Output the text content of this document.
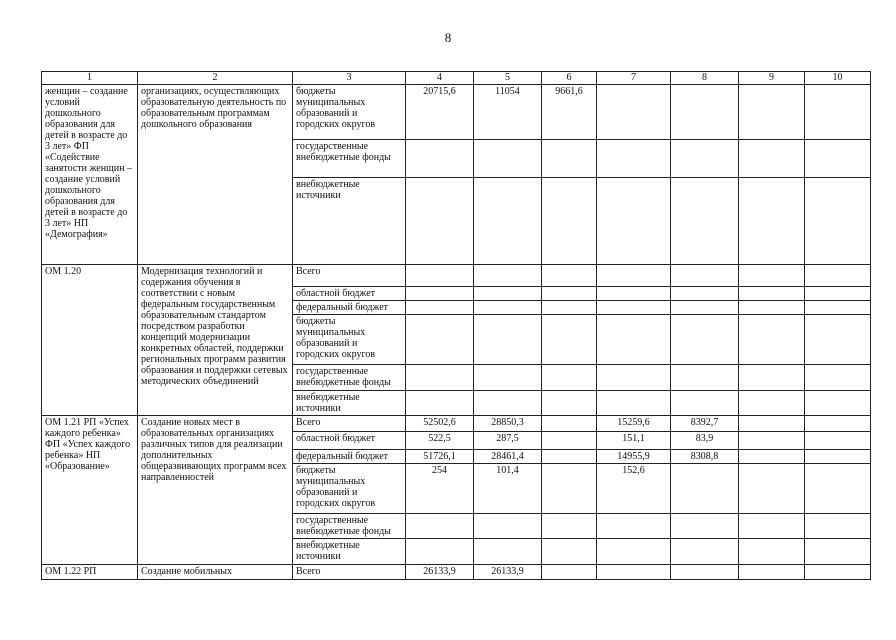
8
1	2	3	4	5	6	7	8	9	10
женщин – создание условий дошкольного образования для детей в возрасте до 3 лет» ФП «Содействие занятости женщин – создание условий дошкольного образования для детей в возрасте до 3 лет» НП «Демография»	организациях, осуществляющих образовательную деятельность по образовательным программам дошкольного образования	бюджеты муниципальных образований и городских округов	20715,6	11054	9661,6				
		государственные внебюджетные фонды							
		внебюджетные источники							
ОМ 1.20	Модернизация технологий и содержания обучения в соответствии с новым федеральным государственным образовательным стандартом посредством разработки концепций модернизации конкретных областей, поддержки региональных программ развития образования и поддержки сетевых методических объединений	Всего							
		областной бюджет							
		федеральный бюджет							
		бюджеты муниципальных образований и городских округов							
		государственные внебюджетные фонды							
		внебюджетные источники							
ОМ 1.21 РП «Успех каждого ребенка» ФП «Успех каждого ребенка» НП «Образование»	Создание новых мест в образовательных организациях различных типов для реализации дополнительных общеразвивающих программ всех направленностей	Всего	52502,6	28850,3		15259,6	8392,7		
		областной бюджет	522,5	287,5		151,1	83,9		
		федеральный бюджет	51726,1	28461,4		14955,9	8308,8		
		бюджеты муниципальных образований и городских округов	254	101,4		152,6			
		государственные внебюджетные фонды							
		внебюджетные источники							
ОМ 1.22 РП	Создание мобильных	Всего	26133,9	26133,9					
